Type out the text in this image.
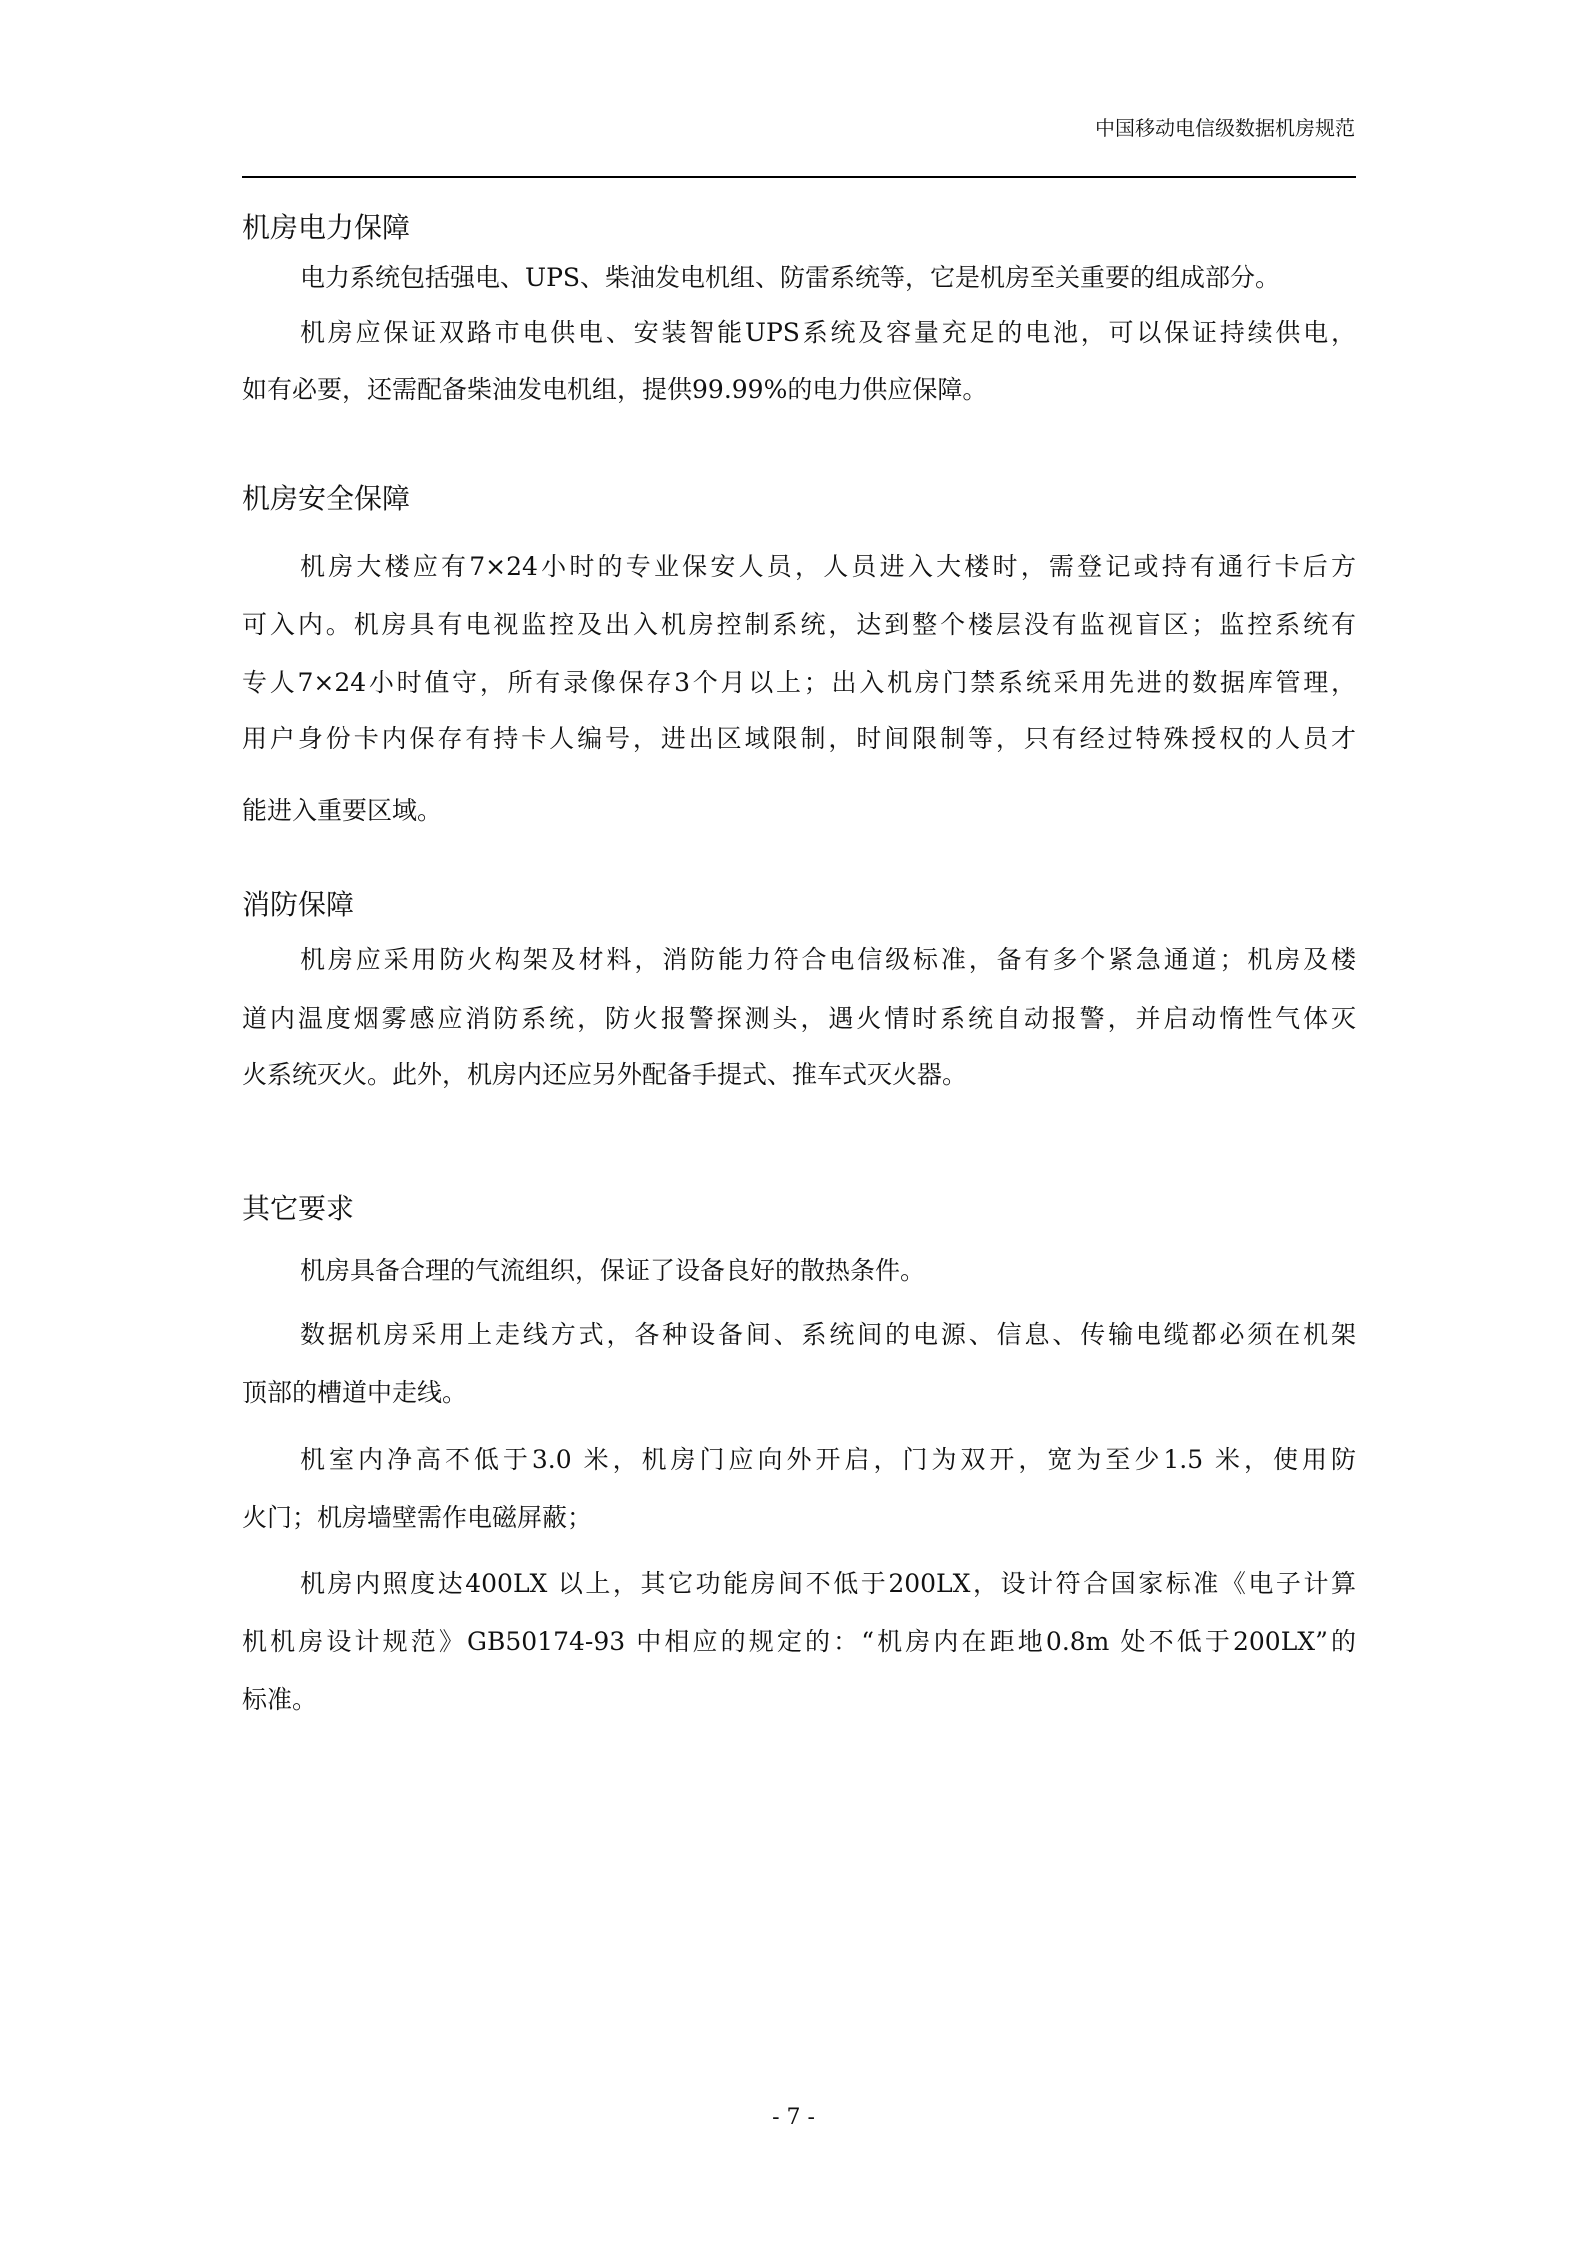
中国移动电信级数据机房规范
机房电力保障
电力系统包括强电、UPS、柴油发电机组、防雷系统等，它是机房至关重要的组成部分。
机房应保证双路市电供电、安装智能UPS系统及容量充足的电池，可以保证持续供电，
如有必要，还需配备柴油发电机组，提供99.99%的电力供应保障。
机房安全保障
机房大楼应有7×24小时的专业保安人员，人员进入大楼时，需登记或持有通行卡后方
可入内。机房具有电视监控及出入机房控制系统，达到整个楼层没有监视盲区；监控系统有
专人7×24小时值守，所有录像保存3个月以上；出入机房门禁系统采用先进的数据库管理，
用户身份卡内保存有持卡人编号，进出区域限制，时间限制等，只有经过特殊授权的人员才
能进入重要区域。
消防保障
机房应采用防火构架及材料，消防能力符合电信级标准，备有多个紧急通道；机房及楼
道内温度烟雾感应消防系统，防火报警探测头，遇火情时系统自动报警，并启动惰性气体灭
火系统灭火。此外，机房内还应另外配备手提式、推车式灭火器。
其它要求
机房具备合理的气流组织，保证了设备良好的散热条件。
数据机房采用上走线方式，各种设备间、系统间的电源、信息、传输电缆都必须在机架
顶部的槽道中走线。
机室内净高不低于3.0 米，机房门应向外开启，门为双开，宽为至少1.5 米，使用防
火门；机房墙壁需作电磁屏蔽；
机房内照度达400LX 以上，其它功能房间不低于200LX，设计符合国家标准《电子计算
机机房设计规范》GB50174-93 中相应的规定的：“机房内在距地0.8m 处不低于200LX”的
标准。
- 7 -
